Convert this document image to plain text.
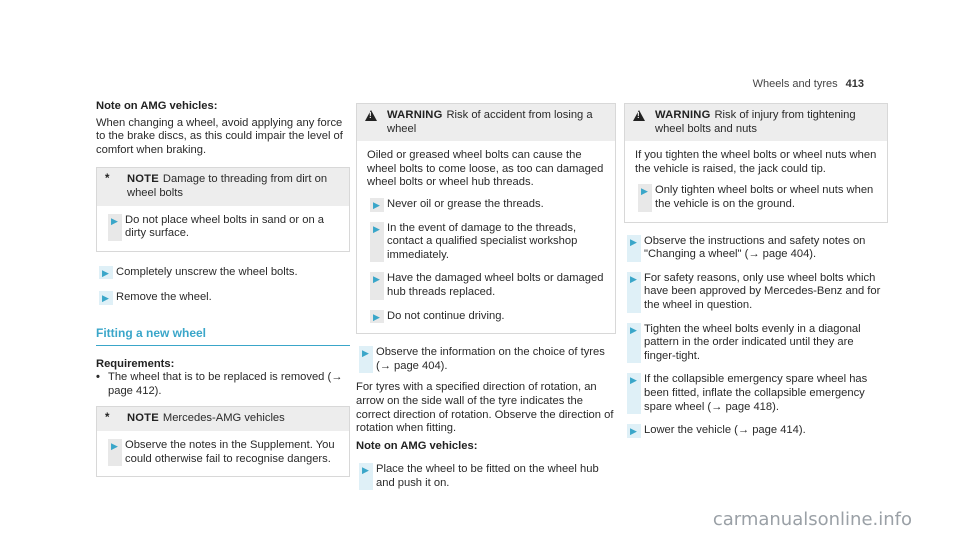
Wheels and tyres 413

Note on AMG vehicles:

When changing a wheel, avoid applying any force to the brake discs, as this could impair the level of comfort when braking.

*	NOTE Damage to threading from dirt on wheel bolts
▶ Do not place wheel bolts in sand or on a dirty surface.
▶ Completely unscrew the wheel bolts.
▶ Remove the wheel.
Fitting a new wheel

Requirements:

• The wheel that is to be replaced is removed (→ page 412).
*	NOTE Mercedes-AMG vehicles
▶ Observe the notes in the Supplement. You could otherwise fail to recognise dangers.
!
WARNING Risk of accident from losing a wheel

Oiled or greased wheel bolts can cause the wheel bolts to come loose, as too can damaged wheel bolts or wheel hub threads.

▶ Never oil or grease the threads.
▶ In the event of damage to the threads, contact a qualified specialist workshop immediately.
▶ Have the damaged wheel bolts or damaged hub threads replaced.
▶ Do not continue driving.
▶ Observe the information on the choice of tyres (→ page 404).

For tyres with a specified direction of rotation, an arrow on the side wall of the tyre indicates the correct direction of rotation. Observe the direction of rotation when fitting.

Note on AMG vehicles:

▶ Place the wheel to be fitted on the wheel hub and push it on.
!
WARNING Risk of injury from tightening wheel bolts and nuts

If you tighten the wheel bolts or wheel nuts when the vehicle is raised, the jack could tip.

▶ Only tighten wheel bolts or wheel nuts when the vehicle is on the ground.
▶ Observe the instructions and safety notes on "Changing a wheel" (→ page 404).
▶ For safety reasons, only use wheel bolts which have been approved by Mercedes-Benz and for the wheel in question.
▶ Tighten the wheel bolts evenly in a diagonal pattern in the order indicated until they are finger-tight.
▶ If the collapsible emergency spare wheel has been fitted, inflate the collapsible emergency spare wheel (→ page 418).
▶ Lower the vehicle (→ page 414).
carmanualsonline.info
